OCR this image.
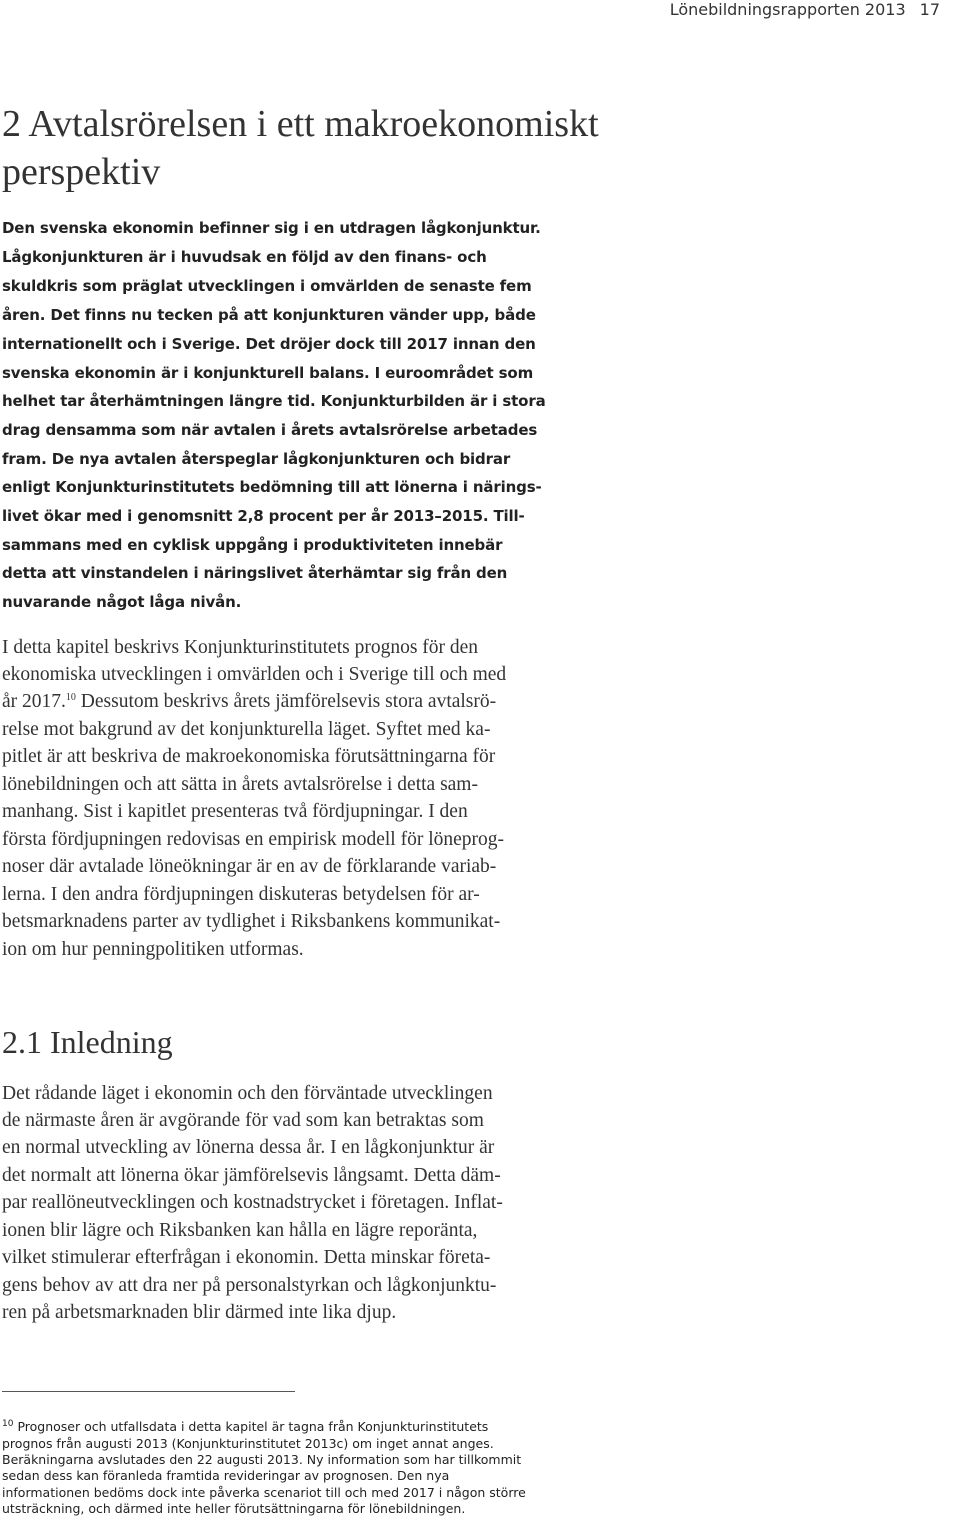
Lönebildningsrapporten 2013 17
2 Avtalsrörelsen i ett makroekonomiskt perspektiv
Den svenska ekonomin befinner sig i en utdragen lågkonjunktur.
Lågkonjunkturen är i huvudsak en följd av den finans- och
skuldkris som präglat utvecklingen i omvärlden de senaste fem
åren. Det finns nu tecken på att konjunkturen vänder upp, både
internationellt och i Sverige. Det dröjer dock till 2017 innan den
svenska ekonomin är i konjunkturell balans. I euroområdet som
helhet tar återhämtningen längre tid. Konjunkturbilden är i stora
drag densamma som när avtalen i årets avtalsrörelse arbetades
fram. De nya avtalen återspeglar lågkonjunkturen och bidrar
enligt Konjunkturinstitutets bedömning till att lönerna i närings-
livet ökar med i genomsnitt 2,8 procent per år 2013–2015. Till-
sammans med en cyklisk uppgång i produktiviteten innebär
detta att vinstandelen i näringslivet återhämtar sig från den
nuvarande något låga nivån.
I detta kapitel beskrivs Konjunkturinstitutets prognos för den
ekonomiska utvecklingen i omvärlden och i Sverige till och med
år 2017.10 Dessutom beskrivs årets jämförelsevis stora avtalsrö-
relse mot bakgrund av det konjunkturella läget. Syftet med ka-
pitlet är att beskriva de makroekonomiska förutsättningarna för
lönebildningen och att sätta in årets avtalsrörelse i detta sam-
manhang. Sist i kapitlet presenteras två fördjupningar. I den
första fördjupningen redovisas en empirisk modell för löneprog-
noser där avtalade löneökningar är en av de förklarande variab-
lerna. I den andra fördjupningen diskuteras betydelsen för ar-
betsmarknadens parter av tydlighet i Riksbankens kommunikat-
ion om hur penningpolitiken utformas.
2.1 Inledning
Det rådande läget i ekonomin och den förväntade utvecklingen
de närmaste åren är avgörande för vad som kan betraktas som
en normal utveckling av lönerna dessa år. I en lågkonjunktur är
det normalt att lönerna ökar jämförelsevis långsamt. Detta däm-
par reallöneutvecklingen och kostnadstrycket i företagen. Inflat-
ionen blir lägre och Riksbanken kan hålla en lägre reporänta,
vilket stimulerar efterfrågan i ekonomin. Detta minskar företa-
gens behov av att dra ner på personalstyrkan och lågkonjunktu-
ren på arbetsmarknaden blir därmed inte lika djup.
$^{10}$ Prognoser och utfallsdata i detta kapitel är tagna från Konjunkturinstitutets
prognos från augusti 2013 (Konjunkturinstitutet 2013c) om inget annat anges.
Beräkningarna avslutades den 22 augusti 2013. Ny information som har tillkommit
sedan dess kan föranleda framtida revideringar av prognosen. Den nya
informationen bedöms dock inte påverka scenariot till och med 2017 i någon större
utsträckning, och därmed inte heller förutsättningarna för lönebildningen.
